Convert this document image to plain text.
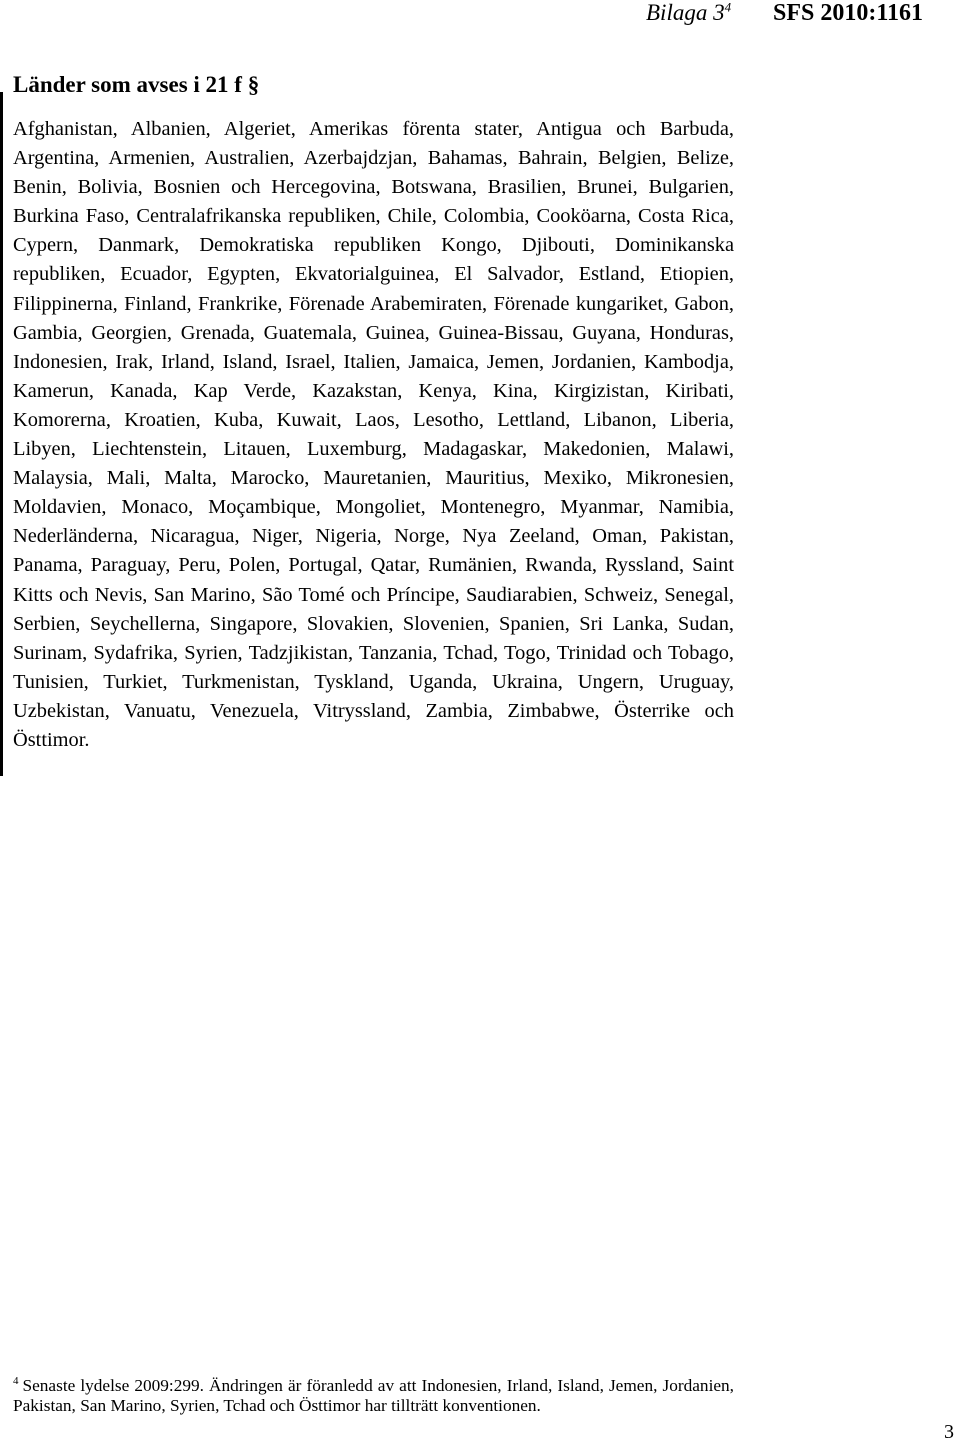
Bilaga $3^4$ SFS 2010:1161
Länder som avses i 21 f §

Afghanistan, Albanien, Algeriet, Amerikas förenta stater, Antigua och Barbuda, Argentina, Armenien, Australien, Azerbajdzjan, Bahamas, Bahrain, Belgien, Belize, Benin, Bolivia, Bosnien och Hercegovina, Botswana, Brasilien, Brunei, Bulgarien, Burkina Faso, Centralafrikanska republiken, Chile, Colombia, Cooköarna, Costa Rica, Cypern, Danmark, Demokratiska republiken Kongo, Djibouti, Dominikanska republiken, Ecuador, Egypten, Ekvatorialguinea, El Salvador, Estland, Etiopien, Filippinerna, Finland, Frankrike, Förenade Arabemiraten, Förenade kungariket, Gabon, Gambia, Georgien, Grenada, Guatemala, Guinea, Guinea-Bissau, Guyana, Honduras, Indonesien, Irak, Irland, Island, Israel, Italien, Jamaica, Jemen, Jordanien, Kambodja, Kamerun, Kanada, Kap Verde, Kazakstan, Kenya, Kina, Kirgizistan, Kiribati, Komorerna, Kroatien, Kuba, Kuwait, Laos, Lesotho, Lettland, Libanon, Liberia, Libyen, Liechtenstein, Litauen, Luxemburg, Madagaskar, Makedonien, Malawi, Malaysia, Mali, Malta, Marocko, Mauretanien, Mauritius, Mexiko, Mikronesien, Moldavien, Monaco, Moçambique, Mongoliet, Montenegro, Myanmar, Namibia, Nederländerna, Nicaragua, Niger, Nigeria, Norge, Nya Zeeland, Oman, Pakistan, Panama, Paraguay, Peru, Polen, Portugal, Qatar, Rumänien, Rwanda, Ryssland, Saint Kitts och Nevis, San Marino, São Tomé och Príncipe, Saudiarabien, Schweiz, Senegal, Serbien, Seychellerna, Singapore, Slovakien, Slovenien, Spanien, Sri Lanka, Sudan, Surinam, Sydafrika, Syrien, Tadzjikistan, Tanzania, Tchad, Togo, Trinidad och Tobago, Tunisien, Turkiet, Turkmenistan, Tyskland, Uganda, Ukraina, Ungern, Uruguay, Uzbekistan, Vanuatu, Venezuela, Vitryssland, Zambia, Zimbabwe, Österrike och Östtimor.

$^4$ Senaste lydelse 2009:299. Ändringen är föranledd av att Indonesien, Irland, Island, Jemen, Jordanien, Pakistan, San Marino, Syrien, Tchad och Östtimor har tillträtt konventionen.

3
